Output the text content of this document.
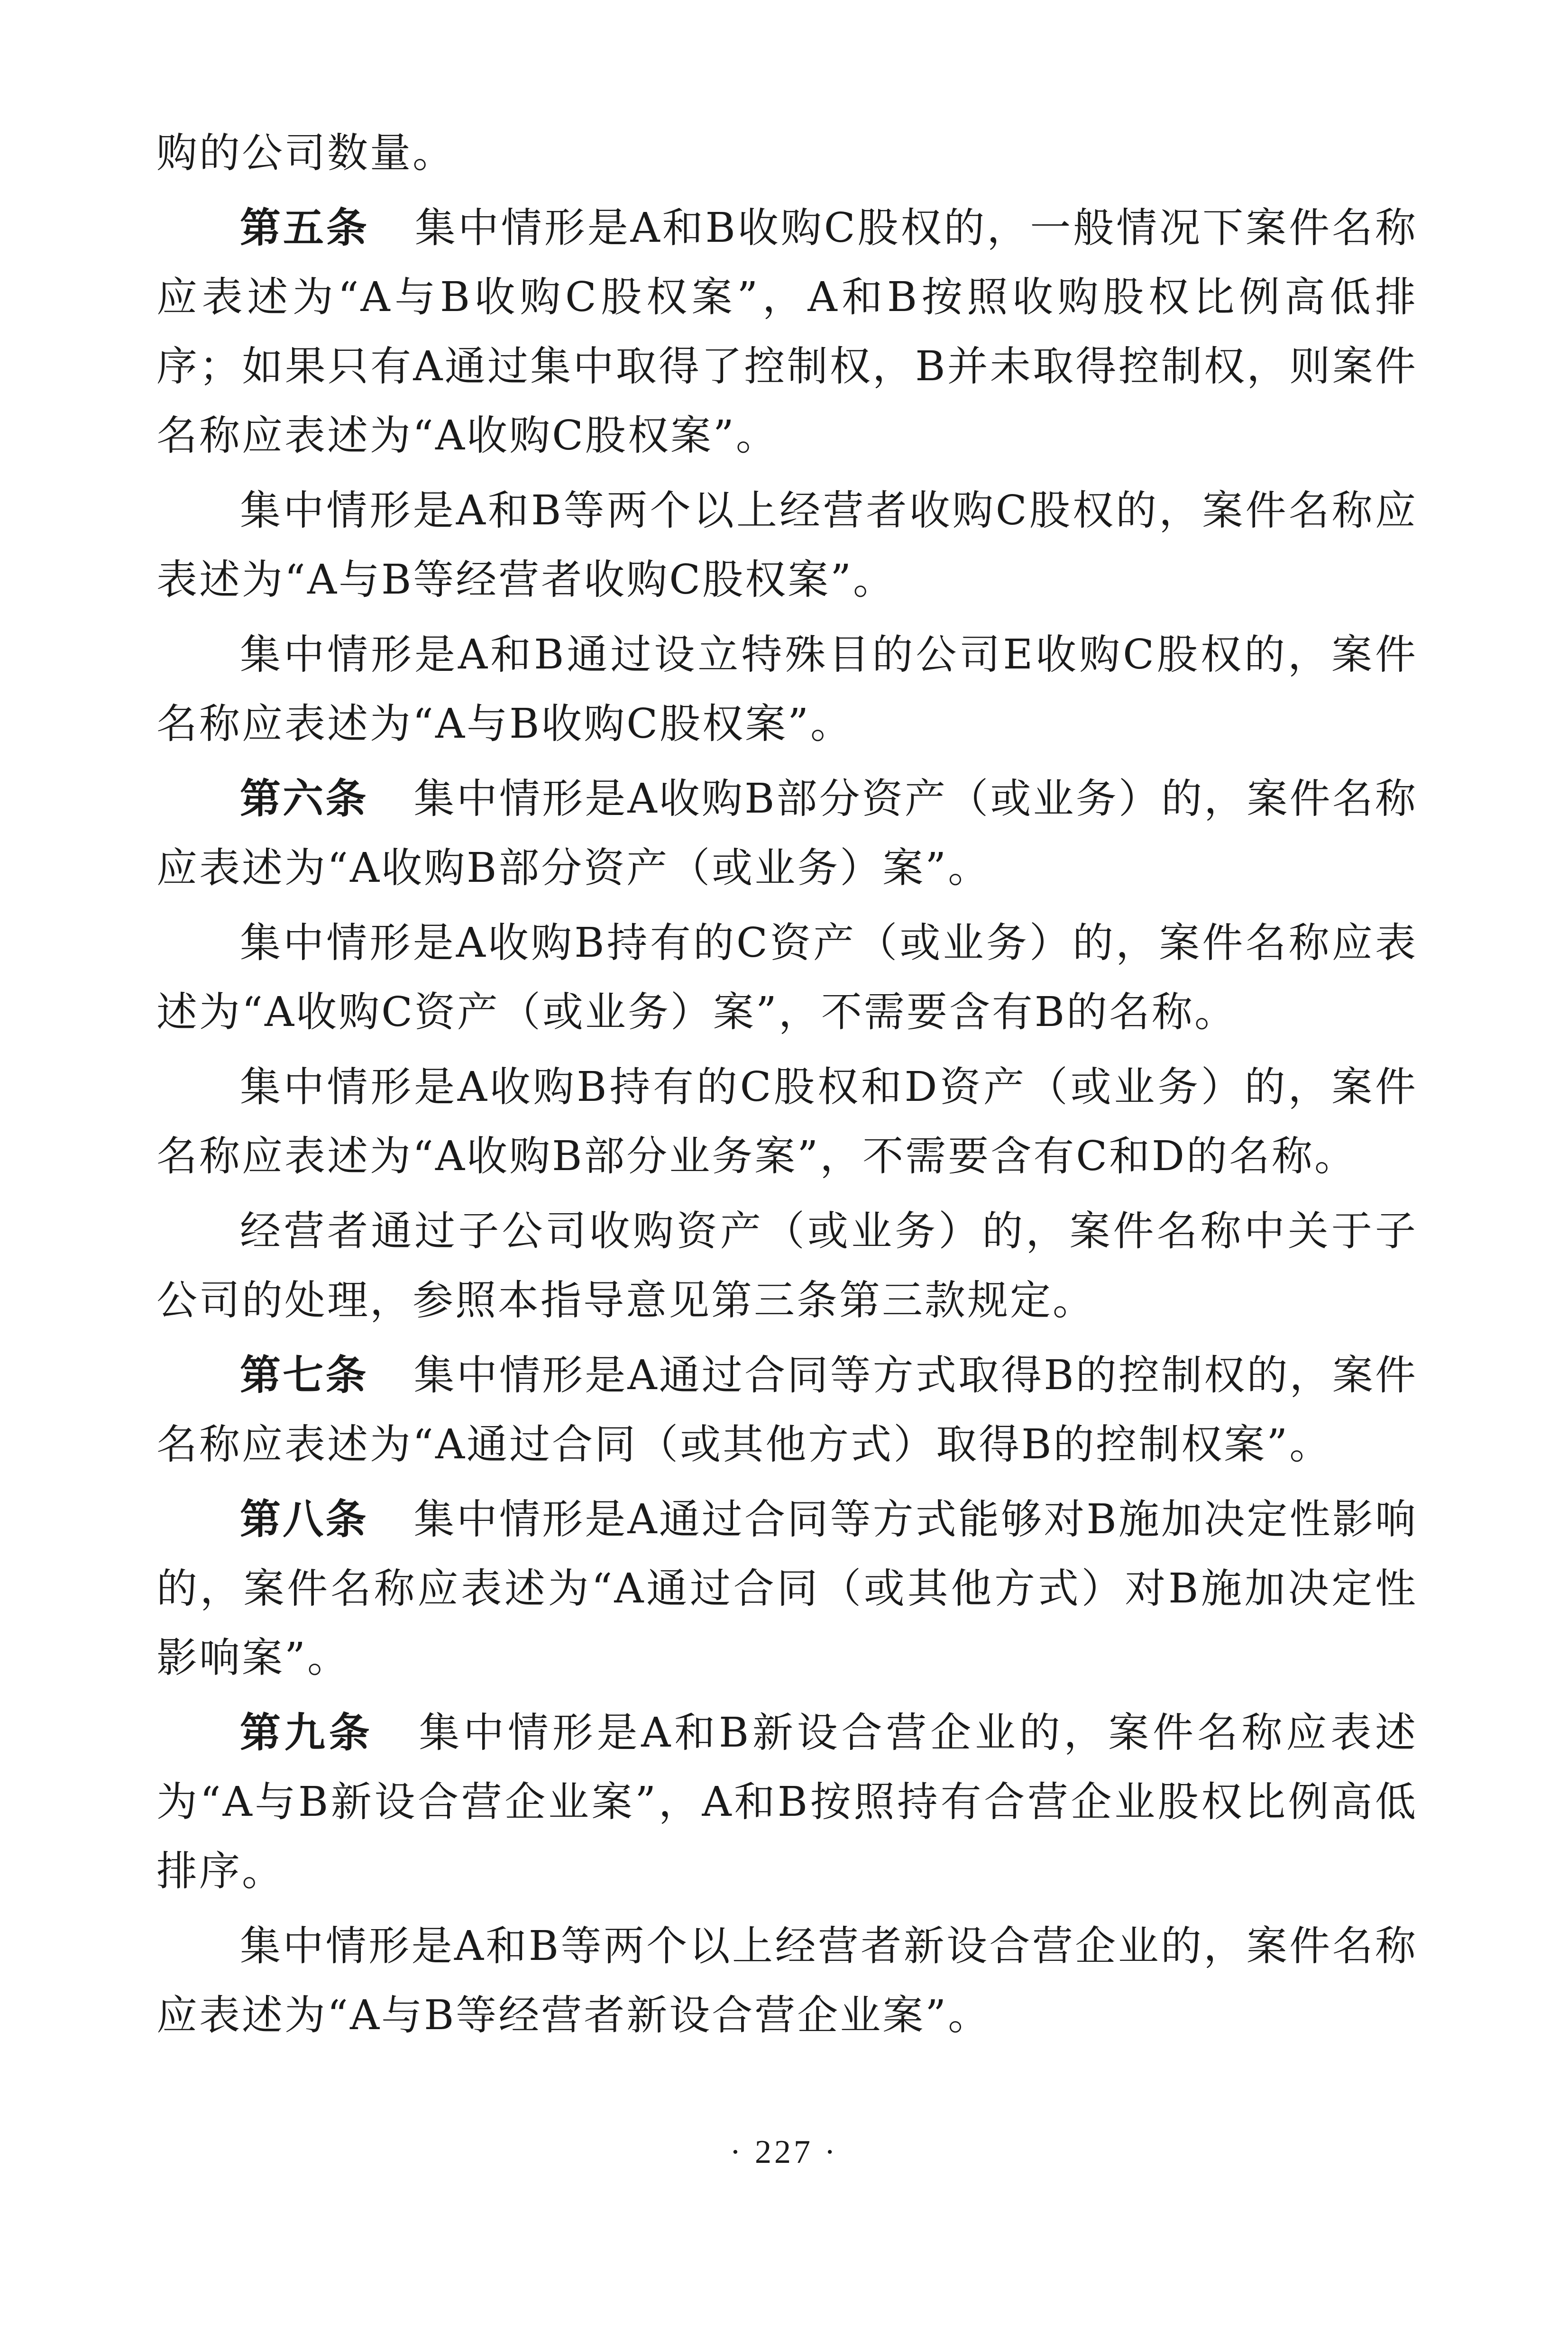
购的公司数量。

第五条 集中情形是A和B收购C股权的，一般情况下案件名称应表述为“A与B收购C股权案”，A和B按照收购股权比例高低排序；如果只有A通过集中取得了控制权，B并未取得控制权，则案件名称应表述为“A收购C股权案”。

集中情形是A和B等两个以上经营者收购C股权的，案件名称应表述为“A与B等经营者收购C股权案”。

集中情形是A和B通过设立特殊目的公司E收购C股权的，案件名称应表述为“A与B收购C股权案”。

第六条 集中情形是A收购B部分资产（或业务）的，案件名称应表述为“A收购B部分资产（或业务）案”。

集中情形是A收购B持有的C资产（或业务）的，案件名称应表述为“A收购C资产（或业务）案”，不需要含有B的名称。

集中情形是A收购B持有的C股权和D资产（或业务）的，案件名称应表述为“A收购B部分业务案”，不需要含有C和D的名称。

经营者通过子公司收购资产（或业务）的，案件名称中关于子公司的处理，参照本指导意见第三条第三款规定。

第七条 集中情形是A通过合同等方式取得B的控制权的，案件名称应表述为“A通过合同（或其他方式）取得B的控制权案”。

第八条 集中情形是A通过合同等方式能够对B施加决定性影响的，案件名称应表述为“A通过合同（或其他方式）对B施加决定性影响案”。

第九条 集中情形是A和B新设合营企业的，案件名称应表述为“A与B新设合营企业案”，A和B按照持有合营企业股权比例高低排序。

集中情形是A和B等两个以上经营者新设合营企业的，案件名称应表述为“A与B等经营者新设合营企业案”。

· 227 ·
